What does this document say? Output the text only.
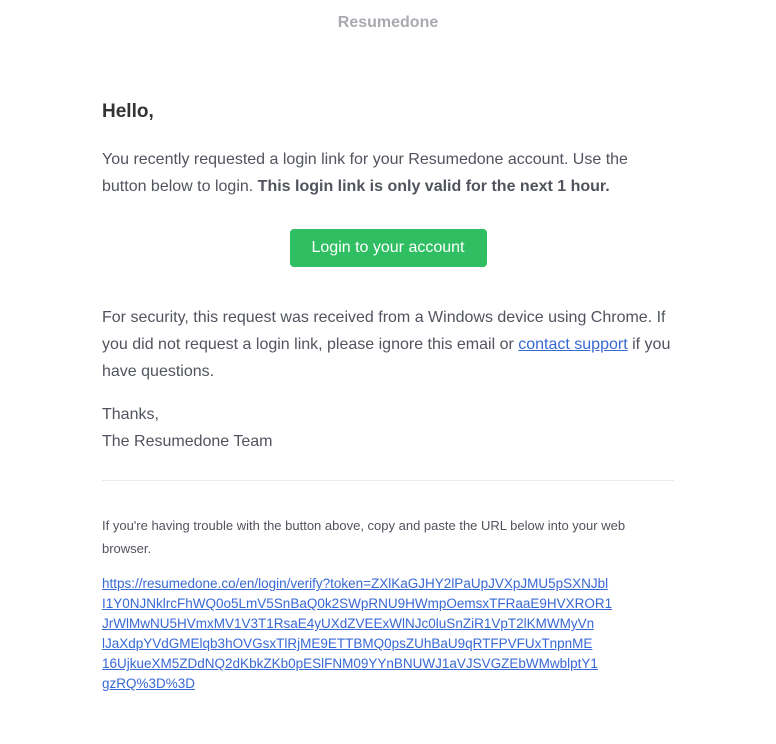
Resumedone
Hello,

You recently requested a login link for your Resumedone account. Use the button below to login. This login link is only valid for the next 1 hour.

Login to your account

For security, this request was received from a Windows device using Chrome. If you did not request a login link, please ignore this email or contact support if you have questions.

Thanks,
The Resumedone Team

If you're having trouble with the button above, copy and paste the URL below into your web browser.

https://resumedone.co/en/login/verify?token=ZXlKaGJHY2lPaUpJVXpJMU5pSXNJbl
I1Y0NJNklrcFhWQ0o5LmV5SnBaQ0k2SWpRNU9HWmpOemsxTFRaaE9HVXROR1
JrWlMwNU5HVmxMV1V3T1RsaE4yUXdZVEExWlNJc0luSnZiR1VpT2lKMWMyVn
lJaXdpYVdGMElqb3hOVGsxTlRjME9ETTBMQ0psZUhBaU9qRTFPVFUxTnpnME
16UjkueXM5ZDdNQ2dKbkZKb0pESlFNM09YYnBNUWJ1aVJSVGZEbWMwblptY1
gzRQ%3D%3D
